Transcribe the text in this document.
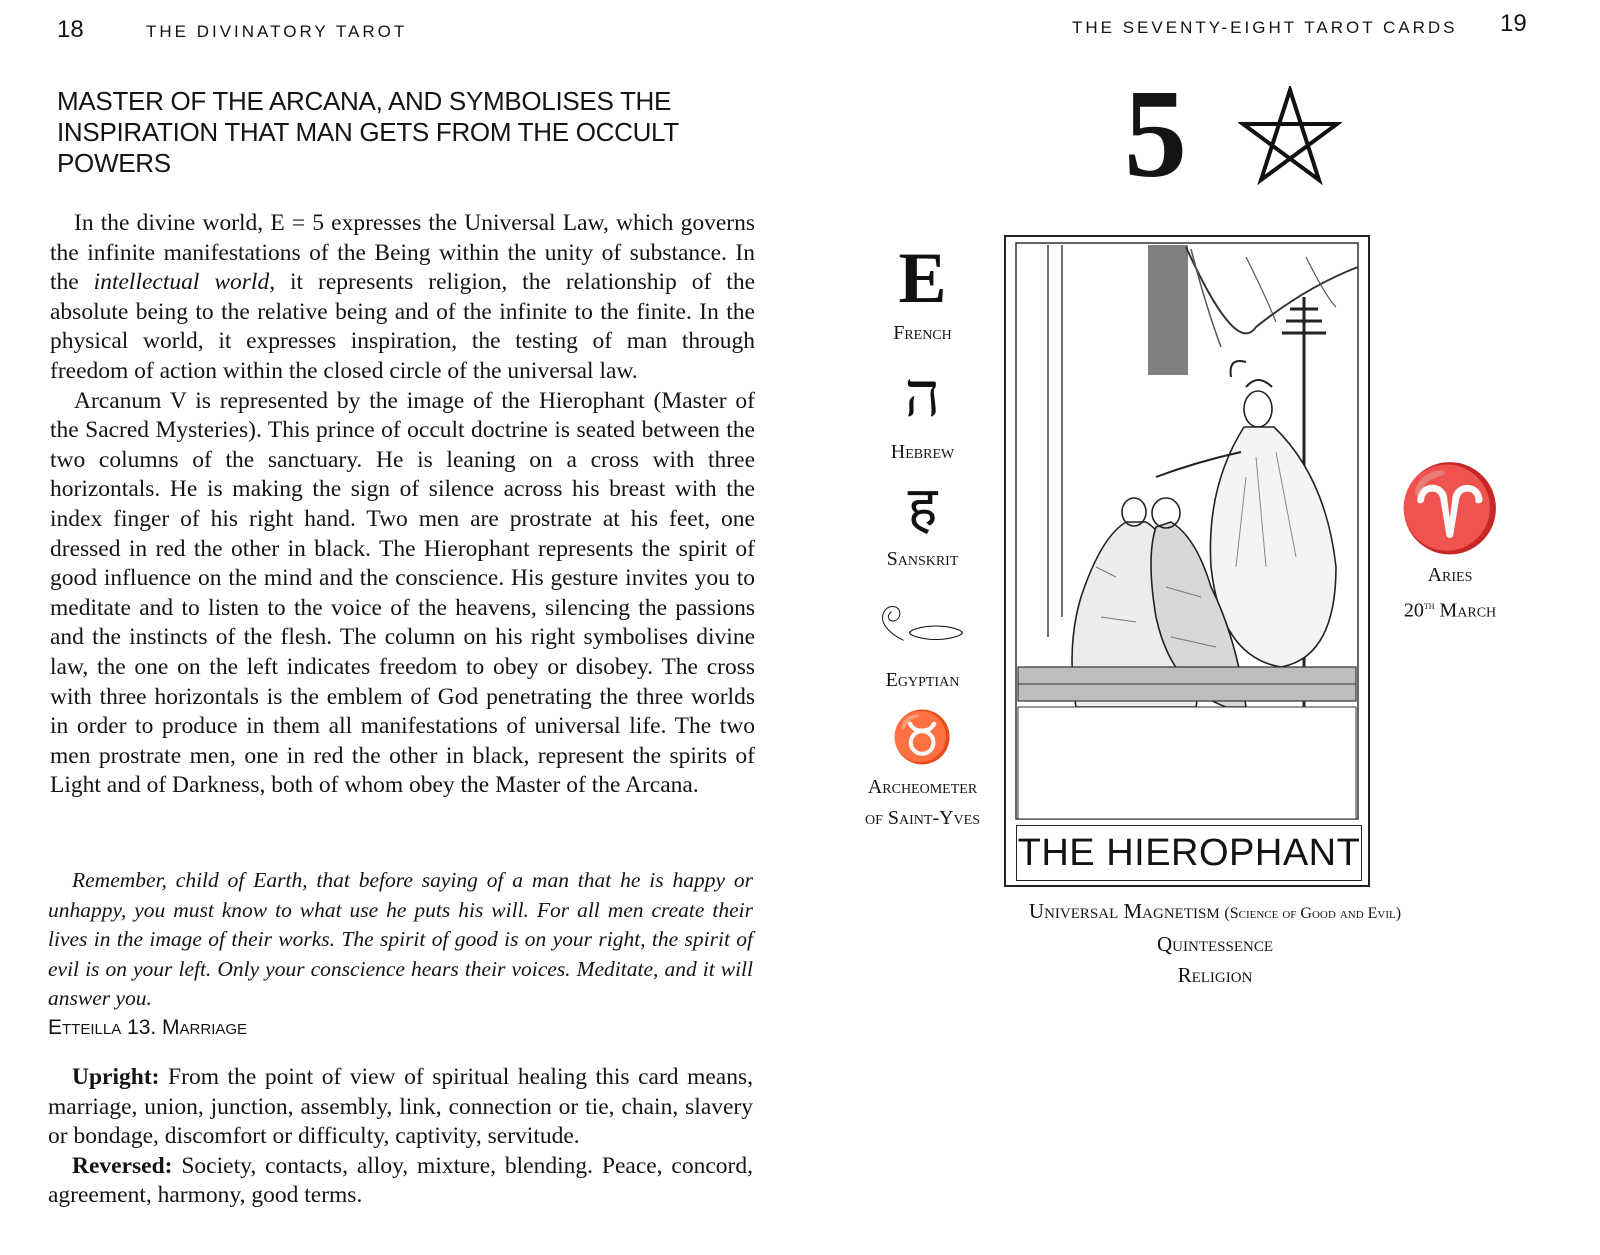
18	THE DIVINATORY TAROT
MASTER OF THE ARCANA, AND SYMBOLISES THE INSPIRATION THAT MAN GETS FROM THE OCCULT POWERS

In the divine world, E = 5 expresses the Universal Law, which governs the infinite manifestations of the Being within the unity of substance. In the intellectual world, it represents religion, the relationship of the absolute being to the relative being and of the infinite to the finite. In the physical world, it expresses inspiration, the testing of man through freedom of action within the closed circle of the universal law.

Arcanum V is represented by the image of the Hierophant (Master of the Sacred Mysteries). This prince of occult doctrine is seated between the two columns of the sanctuary. He is leaning on a cross with three horizontals. He is making the sign of silence across his breast with the index finger of his right hand. Two men are prostrate at his feet, one dressed in red the other in black. The Hierophant represents the spirit of good influence on the mind and the conscience. His gesture invites you to meditate and to listen to the voice of the heavens, silencing the passions and the instincts of the flesh. The column on his right symbolises divine law, the one on the left indicates freedom to obey or disobey. The cross with three horizontals is the emblem of God penetrating the three worlds in order to produce in them all manifestations of universal life. The two men prostrate men, one in red the other in black, represent the spirits of Light and of Darkness, both of whom obey the Master of the Arcana.

Remember, child of Earth, that before saying of a man that he is happy or unhappy, you must know to what use he puts his will. For all men create their lives in the image of their works. The spirit of good is on your right, the spirit of evil is on your left. Only your conscience hears their voices. Meditate, and it will answer you.
Etteilla 13. Marriage

Upright: From the point of view of spiritual healing this card means, marriage, union, junction, assembly, link, connection or tie, chain, slavery or bondage, discomfort or difficulty, captivity, servitude.

Reversed: Society, contacts, alloy, mixture, blending. Peace, concord, agreement, harmony, good terms.

THE SEVENTY-EIGHT TAROT CARDS 19
5
E
French
ה
Hebrew
ह
Sanskrit
𓏲𓂋
Egyptian
♉
Archeometer
of Saint-Yves
THE HIEROPHANT
♈
Aries
20th March
Universal Magnetism (Science of Good and Evil)
Quintessence
Religion
